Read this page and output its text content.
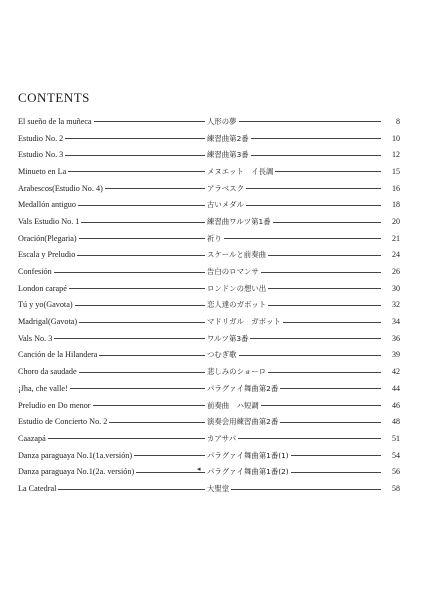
CONTENTS
El sueño de la muñeca	人形の夢	8
Estudio No. 2	練習曲第2番	10
Estudio No. 3	練習曲第3番	12
Minueto en La	メヌエット　イ長調	15
Arabescos(Estudio No. 4)	アラベスク	16
Medallón antiguo	古いメダル	18
Vals Estudio No. 1	練習曲ワルツ第1番	20
Oración(Plegaria)	祈り	21
Escala y Preludio	スケールと前奏曲	24
Confesión	告白のロマンサ	26
London carapé	ロンドンの想い出	30
Tú y yo(Gavota)	恋人達のガボット	32
Madrigal(Gavota)	マドリガル　ガボット	34
Vals No. 3	ワルツ第3番	36
Canción de la Hilandera	つむぎ歌	39
Choro da saudade	悲しみのショーロ	42
¡Jha, che valle!	パラグァイ舞曲第2番	44
Preludio en Do menor	前奏曲　ハ短調	46
Estudio de Concierto No. 2	演奏会用練習曲第2番	48
Caazapá	カアサパ	51
Danza paraguaya No.1(1a.versión)	パラグァイ舞曲第1番(1)	54
Danza paraguaya No.1(2a. versión)
◂	パラグァイ舞曲第1番(2)	56
La Catedral	大聖堂	58
